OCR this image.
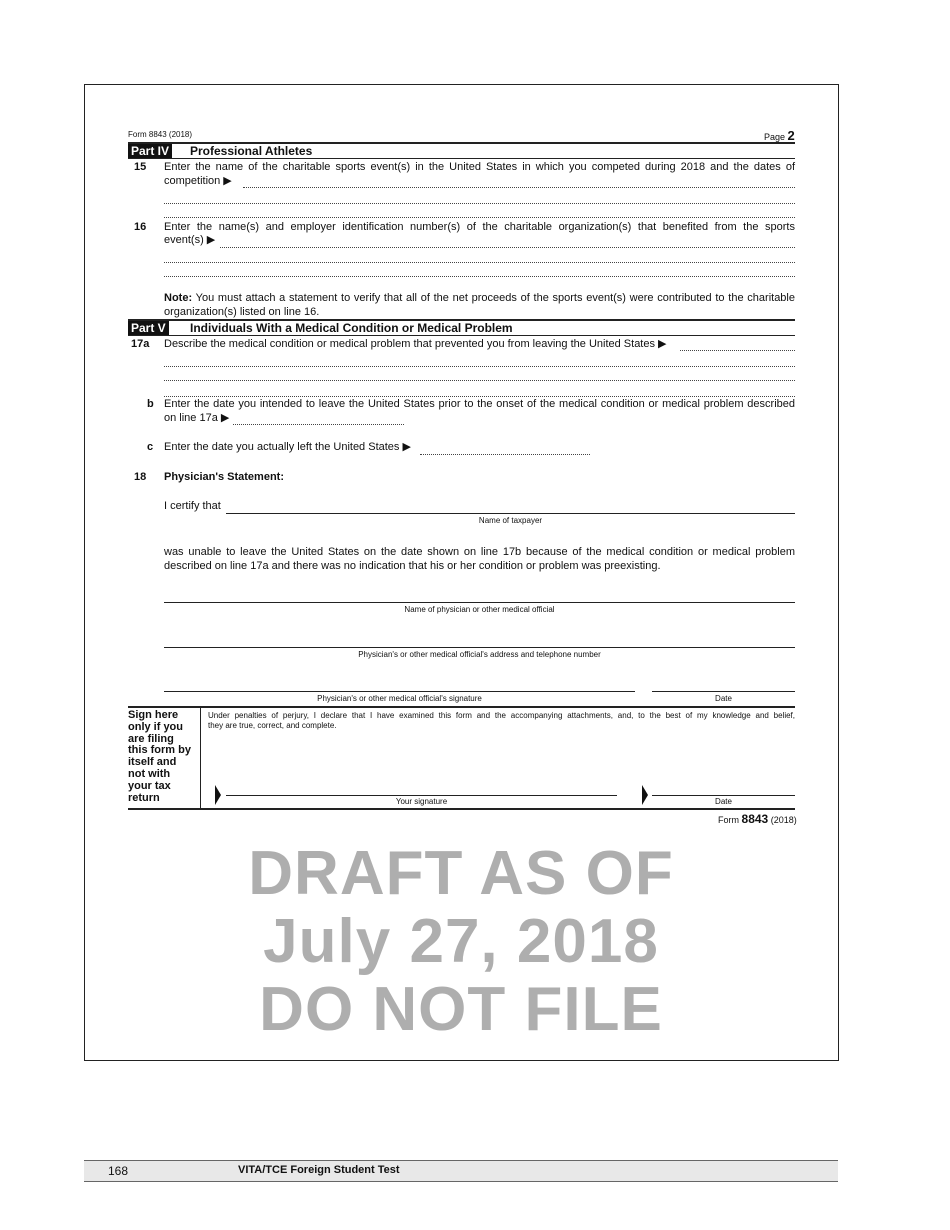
Form 8843 (2018)	Page 2
Part IV Professional Athletes
15 Enter the name of the charitable sports event(s) in the United States in which you competed during 2018 and the dates of
competition ▶
16 Enter the name(s) and employer identification number(s) of the charitable organization(s) that benefited from the sports
event(s) ▶
Note: You must attach a statement to verify that all of the net proceeds of the sports event(s) were contributed to the charitable
organization(s) listed on line 16.
Part V Individuals With a Medical Condition or Medical Problem
17a Describe the medical condition or medical problem that prevented you from leaving the United States ▶
b Enter the date you intended to leave the United States prior to the onset of the medical condition or medical problem described
on line 17a ▶
c Enter the date you actually left the United States ▶
18 Physician's Statement:
I certify that
Name of taxpayer
was unable to leave the United States on the date shown on line 17b because of the medical condition or medical problem
described on line 17a and there was no indication that his or her condition or problem was preexisting.
Name of physician or other medical official
Physician's or other medical official's address and telephone number
Physician's or other medical official's signature	Date
Sign here
only if you
are filing
this form by
itself and
not with
your tax
return
Under penalties of perjury, I declare that I have examined this form and the accompanying attachments, and, to the best of my knowledge and belief,
they are true, correct, and complete.
Your signature	Date
Form 8843 (2018)
DRAFT AS OF
July 27, 2018
DO NOT FILE
168	VITA/TCE Foreign Student Test
